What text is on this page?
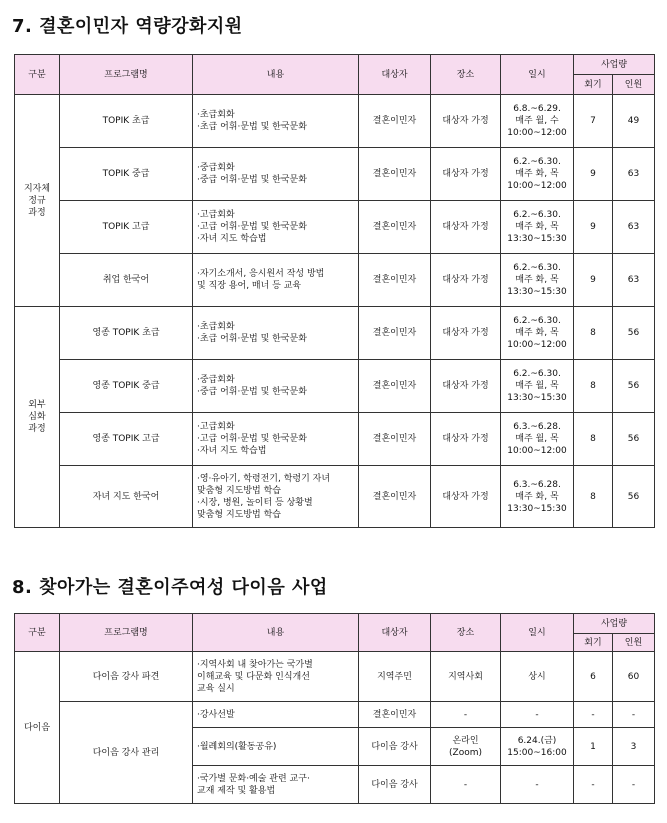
7. 결혼이민자 역량강화지원
구분	프로그램명	내용	대상자	장소	일시	사업량	
						회기	인원
지자체
정규
과정	TOPIK 초급	·초급회화
·초급 어휘·문법 및 한국문화	결혼이민자	대상자 가정	6.8.~6.29.
매주 월, 수
10:00~12:00	7	49
	TOPIK 중급	·중급회화
·중급 어휘·문법 및 한국문화	결혼이민자	대상자 가정	6.2.~6.30.
매주 화, 목
10:00~12:00	9	63
	TOPIK 고급	·고급회화
·고급 어휘·문법 및 한국문화
·자녀 지도 학습법	결혼이민자	대상자 가정	6.2.~6.30.
매주 화, 목
13:30~15:30	9	63
	취업 한국어	·자기소개서, 응시원서 작성 방법
및 직장 용어, 매너 등 교육	결혼이민자	대상자 가정	6.2.~6.30.
매주 화, 목
13:30~15:30	9	63
외부
심화
과정	영종 TOPIK 초급	·초급회화
·초급 어휘·문법 및 한국문화	결혼이민자	대상자 가정	6.2.~6.30.
매주 화, 목
10:00~12:00	8	56
	영종 TOPIK 중급	·중급회화
·중급 어휘·문법 및 한국문화	결혼이민자	대상자 가정	6.2.~6.30.
매주 월, 목
13:30~15:30	8	56
	영종 TOPIK 고급	·고급회화
·고급 어휘·문법 및 한국문화
·자녀 지도 학습법	결혼이민자	대상자 가정	6.3.~6.28.
매주 월, 목
10:00~12:00	8	56
	자녀 지도 한국어	·영·유아기, 학령전기, 학령기 자녀
맞춤형 지도방법 학습
·시장, 병원, 놀이터 등 상황별
맞춤형 지도방법 학습	결혼이민자	대상자 가정	6.3.~6.28.
매주 화, 목
13:30~15:30	8	56
8. 찾아가는 결혼이주여성 다이음 사업
구분	프로그램명	내용	대상자	장소	일시	사업량	
						회기	인원
다이음	다이음 강사 파견	·지역사회 내 찾아가는 국가별
이해교육 및 다문화 인식개선
교육 실시	지역주민	지역사회	상시	6	60
	다이음 강사 관리	·강사선발	결혼이민자	-	-	-	-
		·월례회의(활동공유)	다이음 강사	온라인
(Zoom)	6.24.(금)
15:00~16:00	1	3
		·국가별 문화·예술 관련 교구·
교재 제작 및 활용법	다이음 강사	-	-	-	-
